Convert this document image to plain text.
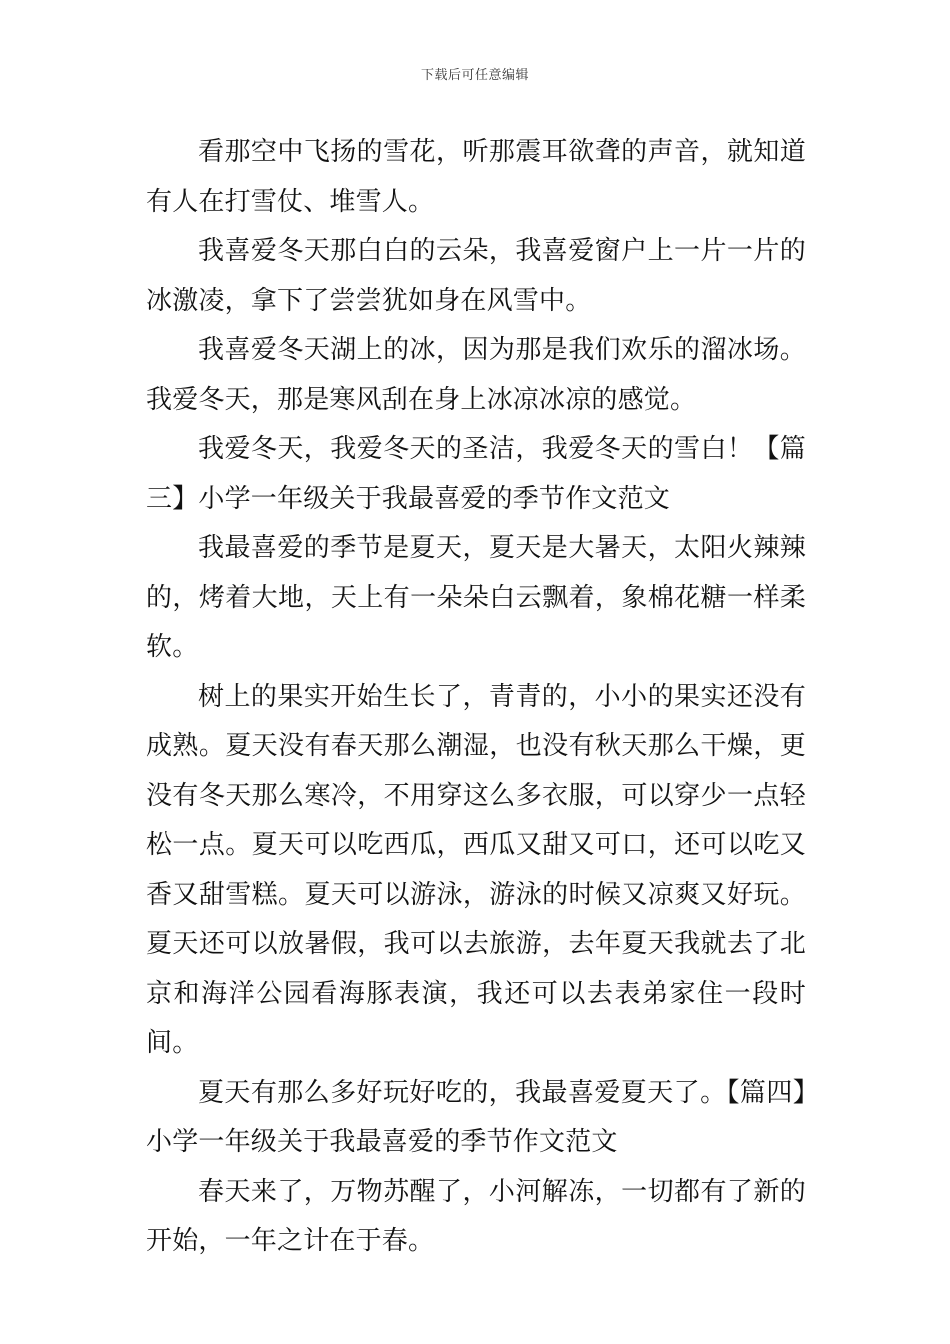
下载后可任意编辑

看那空中飞扬的雪花，听那震耳欲聋的声音，就知道有人在打雪仗、堆雪人。

我喜爱冬天那白白的云朵，我喜爱窗户上一片一片的冰激凌，拿下了尝尝犹如身在风雪中。

我喜爱冬天湖上的冰，因为那是我们欢乐的溜冰场。我爱冬天，那是寒风刮在身上冰凉冰凉的感觉。

我爱冬天，我爱冬天的圣洁，我爱冬天的雪白！【篇三】小学一年级关于我最喜爱的季节作文范文

我最喜爱的季节是夏天，夏天是大暑天，太阳火辣辣的，烤着大地，天上有一朵朵白云飘着，象棉花糖一样柔软。

树上的果实开始生长了，青青的，小小的果实还没有成熟。夏天没有春天那么潮湿，也没有秋天那么干燥，更没有冬天那么寒冷，不用穿这么多衣服，可以穿少一点轻松一点。夏天可以吃西瓜，西瓜又甜又可口，还可以吃又香又甜雪糕。夏天可以游泳，游泳的时候又凉爽又好玩。夏天还可以放暑假，我可以去旅游，去年夏天我就去了北京和海洋公园看海豚表演，我还可以去表弟家住一段时间。

夏天有那么多好玩好吃的，我最喜爱夏天了。【篇四】小学一年级关于我最喜爱的季节作文范文

春天来了，万物苏醒了，小河解冻，一切都有了新的开始，一年之计在于春。
